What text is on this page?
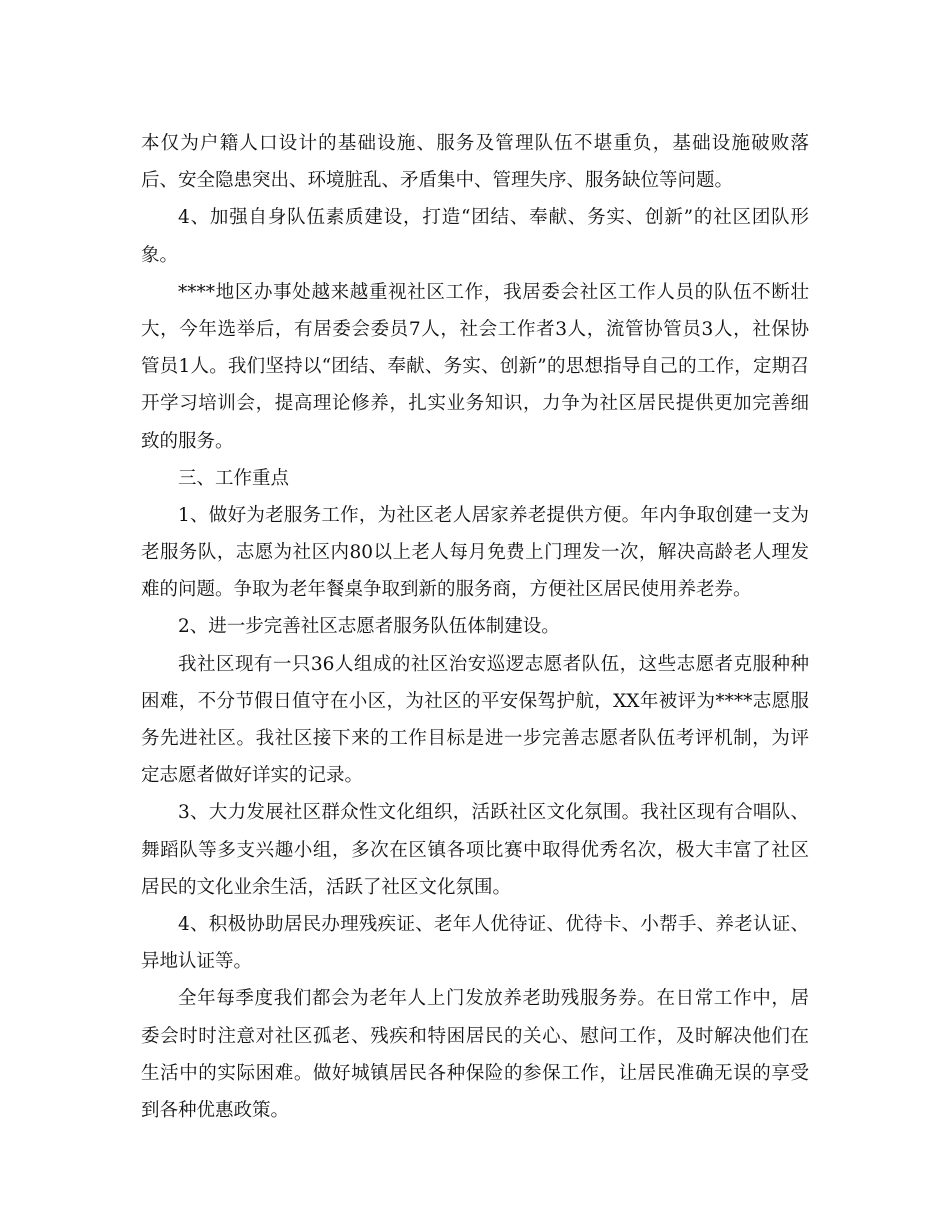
本仅为户籍人口设计的基础设施、服务及管理队伍不堪重负，基础设施破败落
后、安全隐患突出、环境脏乱、矛盾集中、管理失序、服务缺位等问题。
4、加强自身队伍素质建设，打造“团结、奉献、务实、创新”的社区团队形
象。
****地区办事处越来越重视社区工作，我居委会社区工作人员的队伍不断壮
大，今年选举后，有居委会委员7人，社会工作者3人，流管协管员3人，社保协
管员1人。我们坚持以“团结、奉献、务实、创新”的思想指导自己的工作，定期召
开学习培训会，提高理论修养，扎实业务知识，力争为社区居民提供更加完善细
致的服务。
三、工作重点
1、做好为老服务工作，为社区老人居家养老提供方便。年内争取创建一支为
老服务队，志愿为社区内80以上老人每月免费上门理发一次，解决高龄老人理发
难的问题。争取为老年餐桌争取到新的服务商，方便社区居民使用养老券。
2、进一步完善社区志愿者服务队伍体制建设。
我社区现有一只36人组成的社区治安巡逻志愿者队伍，这些志愿者克服种种
困难，不分节假日值守在小区，为社区的平安保驾护航，XX年被评为****志愿服
务先进社区。我社区接下来的工作目标是进一步完善志愿者队伍考评机制，为评
定志愿者做好详实的记录。
3、大力发展社区群众性文化组织，活跃社区文化氛围。我社区现有合唱队、
舞蹈队等多支兴趣小组，多次在区镇各项比赛中取得优秀名次，极大丰富了社区
居民的文化业余生活，活跃了社区文化氛围。
4、积极协助居民办理残疾证、老年人优待证、优待卡、小帮手、养老认证、
异地认证等。
全年每季度我们都会为老年人上门发放养老助残服务券。在日常工作中，居
委会时时注意对社区孤老、残疾和特困居民的关心、慰问工作，及时解决他们在
生活中的实际困难。做好城镇居民各种保险的参保工作，让居民准确无误的享受
到各种优惠政策。
